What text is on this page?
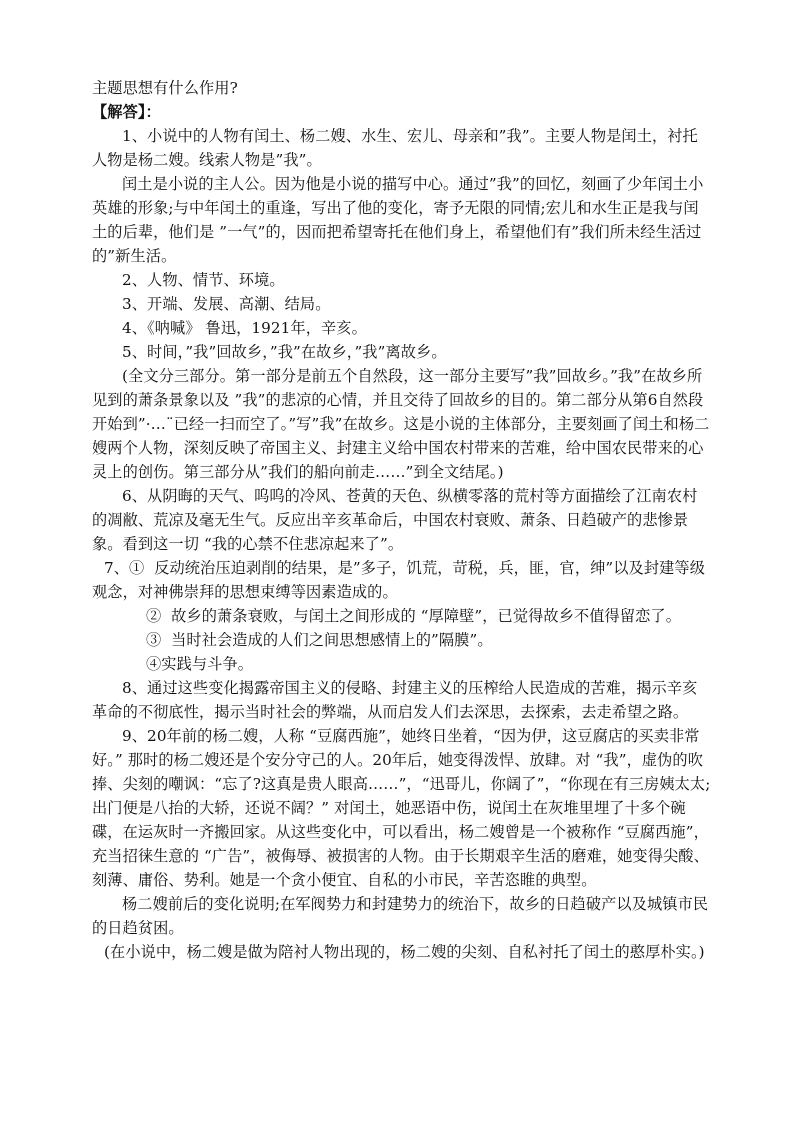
主题思想有什么作用?

【解答】：

1、小说中的人物有闰土、杨二嫂、水生、宏儿、母亲和”我”。主要人物是闰土，衬托人物是杨二嫂。线索人物是”我”。

闰土是小说的主人公。因为他是小说的描写中心。通过”我”的回忆，刻画了少年闰土小英雄的形象;与中年闰土的重逢，写出了他的变化，寄予无限的同情;宏儿和水生正是我与闰土的后辈，他们是 ”一气”的，因而把希望寄托在他们身上，希望他们有”我们所未经生活过的”新生活。

2、人物、情节、环境。

3、开端、发展、高潮、结局。

4、《呐喊》 鲁迅，1921年，辛亥。

5、时间，”我”回故乡，”我”在故乡，”我”离故乡。

(全文分三部分。第一部分是前五个自然段，这一部分主要写”我”回故乡。”我”在故乡所见到的萧条景象以及 ”我”的悲凉的心情，并且交待了回故乡的目的。第二部分从第6自然段开始到”·…¨已经一扫而空了。”写”我”在故乡。这是小说的主体部分，主要刻画了闰土和杨二嫂两个人物，深刻反映了帝国主义、封建主义给中国农村带来的苦难，给中国农民带来的心灵上的创伤。第三部分从”我们的船向前走……”到全文结尾。)

6、从阴晦的天气、呜呜的冷风、苍黄的天色、纵横零落的荒村等方面描绘了江南农村的凋敝、荒凉及毫无生气。反应出辛亥革命后，中国农村衰败、萧条、日趋破产的悲惨景象。看到这一切 “我的心禁不住悲凉起来了”。

7、①  反动统治压迫剥削的结果，是”多子，饥荒，苛税，兵，匪，官，绅”以及封建等级观念，对神佛崇拜的思想束缚等因素造成的。

②  故乡的萧条衰败，与闰土之间形成的 “厚障壁”，已觉得故乡不值得留恋了。

③  当时社会造成的人们之间思想感情上的”隔膜”。

④实践与斗争。

8、通过这些变化揭露帝国主义的侵略、封建主义的压榨给人民造成的苦难，揭示辛亥革命的不彻底性，揭示当时社会的弊端，从而启发人们去深思，去探索，去走希望之路。

9、20年前的杨二嫂，人称 “豆腐西施”，她终日坐着，“因为伊，这豆腐店的买卖非常好。” 那时的杨二嫂还是个安分守己的人。20年后，她变得泼悍、放肆。对 “我”，虚伪的吹捧、尖刻的嘲讽：“忘了?这真是贵人眼高……”，“迅哥儿，你阔了”，“你现在有三房姨太太;出门便是八抬的大轿，还说不阔？” 对闰土，她恶语中伤，说闰土在灰堆里埋了十多个碗碟，在运灰时一齐搬回家。从这些变化中，可以看出，杨二嫂曾是一个被称作 “豆腐西施”，充当招徕生意的 “广告”，被侮辱、被损害的人物。由于长期艰辛生活的磨难，她变得尖酸、刻薄、庸俗、势利。她是一个贪小便宜、自私的小市民，辛苦恣睢的典型。

杨二嫂前后的变化说明;在军阀势力和封建势力的统治下，故乡的日趋破产以及城镇市民的日趋贫困。

(在小说中，杨二嫂是做为陪衬人物出现的，杨二嫂的尖刻、自私衬托了闰土的憨厚朴实。)
